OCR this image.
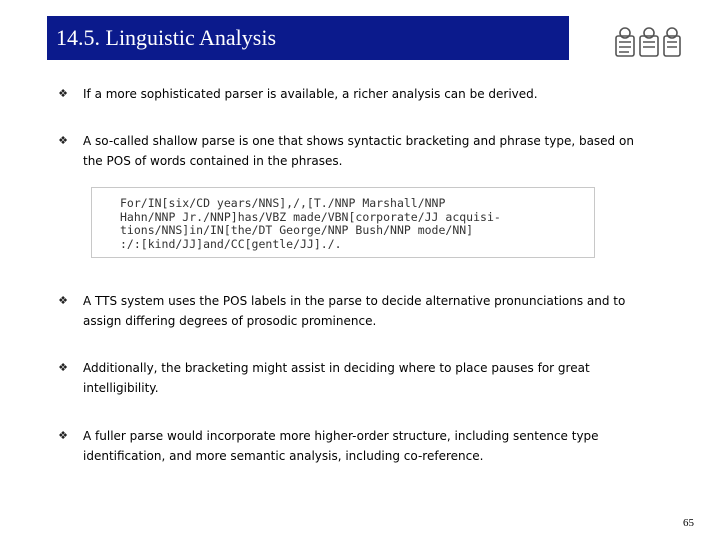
14.5. Linguistic Analysis
❖ If a more sophisticated parser is available, a richer analysis can be derived.
❖ A so-called shallow parse is one that shows syntactic bracketing and phrase type, based on
the POS of words contained in the phrases.
For/IN[six/CD years/NNS],/,[T./NNP Marshall/NNP
Hahn/NNP Jr./NNP]has/VBZ made/VBN[corporate/JJ acquisi-
tions/NNS]in/IN[the/DT George/NNP Bush/NNP mode/NN]
:/:[kind/JJ]and/CC[gentle/JJ]./.
❖ A TTS system uses the POS labels in the parse to decide alternative pronunciations and to
assign differing degrees of prosodic prominence.
❖ Additionally, the bracketing might assist in deciding where to place pauses for great
intelligibility.
❖ A fuller parse would incorporate more higher-order structure, including sentence type
identification, and more semantic analysis, including co-reference.
65
